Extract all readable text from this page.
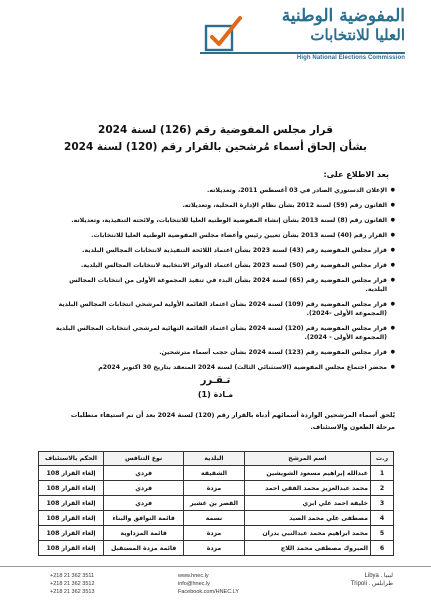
المفوضية الوطنية
العليا للانتخابات
High National Elections Commission
قرار مجلس المفوضية رقم (126) لسنة 2024
بشأن إلحاق أسماء مُرشحين بالقرار رقم (120) لسنة 2024
بعد الاطلاع على:
● الإعلان الدستوري الصادر في 03 أغسطس 2011، وتعديلاته.
● القانون رقم (59) لسنة 2012 بشأن نظام الإدارة المحلية، وتعديلاته.
● القانون رقم (8) لسنة 2013 بشأن إنشاء المفوضية الوطنية العليا للانتخابات، ولائحته التنفيذية، وتعديلاته.
● القرار رقم (40) لسنة 2013 بشأن تعيين رئيس وأعضاء مجلس المفوضية الوطنية العليا للانتخابات.
● قرار مجلس المفوضية رقم (43) لسنة 2023 بشأن اعتماد اللائحة التنفيذية لانتخابات المجالس البلدية.
● قرار مجلس المفوضية رقم (50) لسنة 2023 بشأن اعتماد الدوائر الانتخابية لانتخابات المجالس البلدية.
● قرار مجلس المفوضية رقم (65) لسنة 2024 بشأن البدء في تنفيذ المجموعة الأولى من انتخابات المجالس البلدية.
● قرار مجلس المفوضية رقم (109) لسنة 2024 بشأن اعتماد القائمة الأولية لمرشحي انتخابات المجالس البلدية (المجموعة الأولى -2024).
● قرار مجلس المفوضية رقم (120) لسنة 2024 بشأن اعتماد القائمة النهائية لمرشحي انتخابات المجالس البلدية (المجموعة الأولى - 2024).
● قرار مجلس المفوضية رقم (123) لسنة 2024 بشأن حجب أسماء مترشحين.
● محضر اجتماع مجلس المفوضية (الاستثنائي الثالث) لسنة 2024 المنعقد بتاريخ 30 اكتوبر 2024م
تـقـرر
مـادة (1)
يُلحق أسماء المرشحين الواردة أسمائهم أدناه بالقرار رقم (120) لسنة 2024 بعد أن تم استيفاء متطلبات مرحلة الطعون والاستئناف.
ر.ت	اسم المرشح	البلدية	نوع التنافس	الحكم بالاستئناف
1	عبدالله إبراهيم مسعود الشويشين	الشقيقة	فردي	إلغاء القرار 108
2	محمد عبدالعزيز محمد الفقي احمد	مزدة	فردي	إلغاء القرار 108
3	خليفة احمد علي ابزي	القصر بن غشير	فردي	إلغاء القرار 108
4	مصطفى علي محمد الصيد	نسمة	قائمة التوافق والبناء	إلغاء القرار 108
5	محمد ابراهيم محمد عبدالنبي بدران	مزدة	قائمة المزداوية	إلغاء القرار 108
6	المبروك مصطفى محمد اللاج	مزدة	قائمة مزدة المستقبل	إلغاء القرار 108
+218 21 362 3511
+218 21 362 3512
+218 21 362 3513
www.hnec.ly
info@hnec.ly
Facebook.com/HNEC.LY
Libya . ليبيا
Tripoli . طرابلس
